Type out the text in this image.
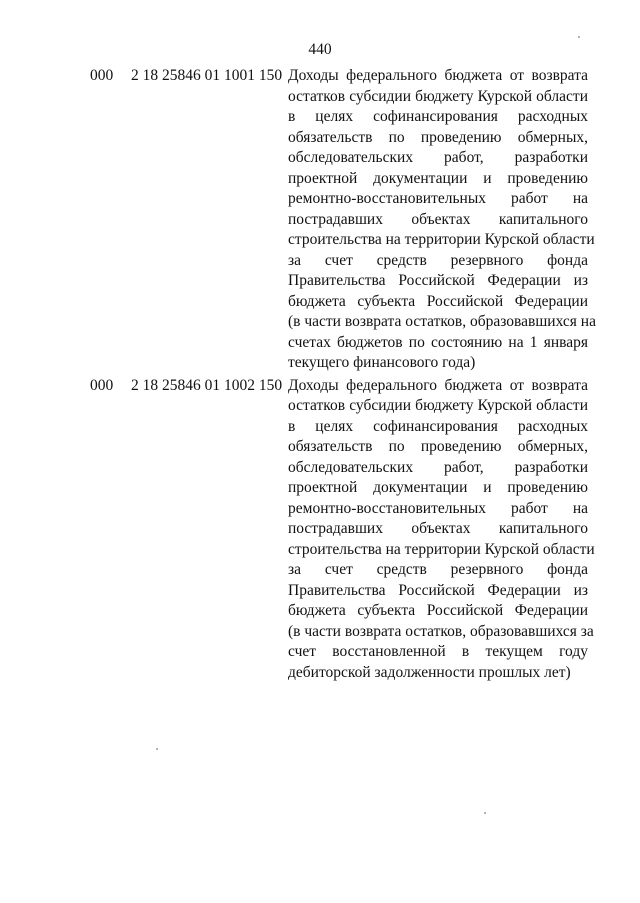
440
000 2 18 25846 01 1001 150 Доходы федерального бюджета от возврата
остатков субсидии бюджету Курской области
в целях софинансирования расходных
обязательств по проведению обмерных,
обследовательских работ, разработки
проектной документации и проведению
ремонтно-восстановительных работ на
пострадавших объектах капитального
строительства на территории Курской области
за счет средств резервного фонда
Правительства Российской Федерации из
бюджета субъекта Российской Федерации
(в части возврата остатков, образовавшихся на
счетах бюджетов по состоянию на 1 января
текущего финансового года)
000 2 18 25846 01 1002 150 Доходы федерального бюджета от возврата
остатков субсидии бюджету Курской области
в целях софинансирования расходных
обязательств по проведению обмерных,
обследовательских работ, разработки
проектной документации и проведению
ремонтно-восстановительных работ на
пострадавших объектах капитального
строительства на территории Курской области
за счет средств резервного фонда
Правительства Российской Федерации из
бюджета субъекта Российской Федерации
(в части возврата остатков, образовавшихся за
счет восстановленной в текущем году
дебиторской задолженности прошлых лет)
